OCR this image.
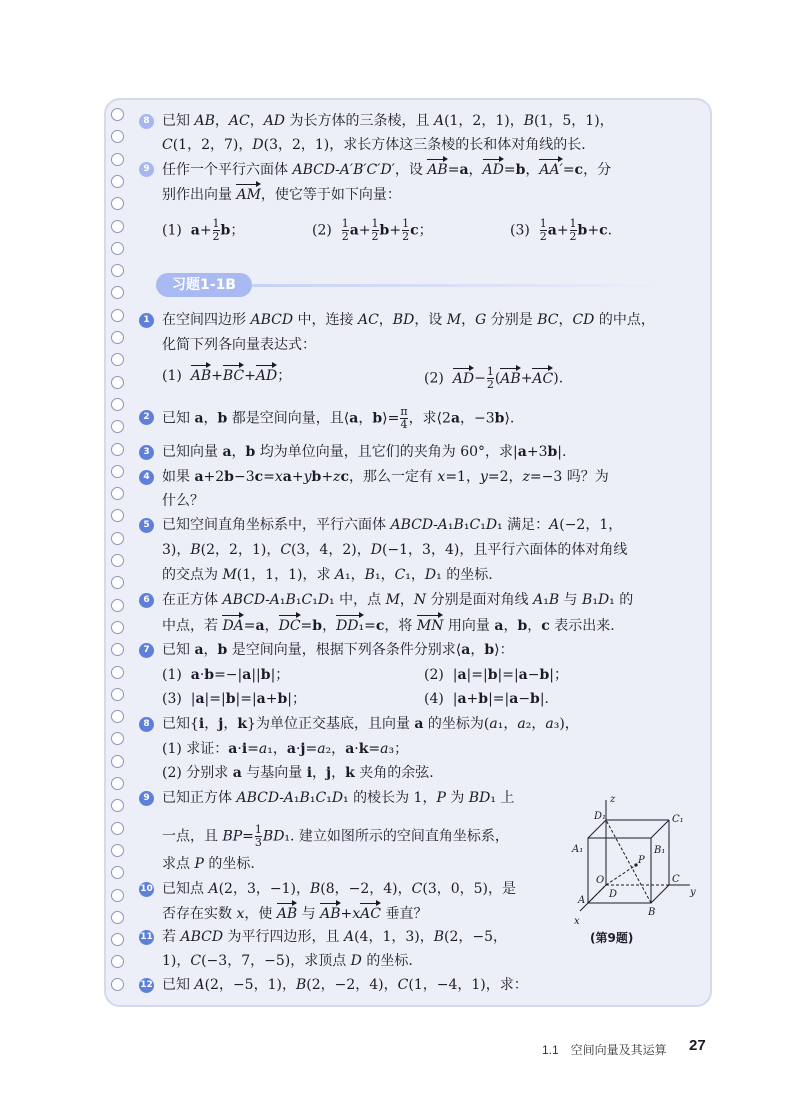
8 已知 AB，AC，AD 为长方体的三条棱，且 A(1，2，1)，B(1，5，1)，
C(1，2，7)，D(3，2，1)，求长方体这三条棱的长和体对角线的长.
9 任作一个平行六面体 ABCD-A′B′C′D′，设 AB=a，AD=b，AA′=c，分
别作出向量 AM，使它等于如下向量：
(1)  $a+ \frac{1}{2}$ b；	$(2) \frac{1}{2} a+ \frac{1}{2} b+ \frac{1}{2}$ c；	$(3) \frac{1}{2} a+ \frac{1}{2} b+c$.
习题1-1B
1 在空间四边形 ABCD 中，连接 AC，BD，设 M，G 分别是 BC，CD 的中点，
化简下列各向量表达式：
(1)  AB+BC+AD；	(2)  $AD- \frac{1}{2} (AB+AC)$.
2 已知 a，b 都是空间向量，且⟨a，b⟩= $\frac{\pi}{4}$ ，求⟨2a，−3b⟩.
3 已知向量 a，b 均为单位向量，且它们的夹角为 60°，求|a+3b|.
4 如果 a+2b−3c=xa+yb+zc，那么一定有 x=1，y=2，z=−3 吗？为
什么？
5 已知空间直角坐标系中，平行六面体 ABCD-A₁B₁C₁D₁ 满足：A(−2，1，
3)，B(2，2，1)，C(3，4，2)，D(−1，3，4)，且平行六面体的体对角线
的交点为 M(1，1，1)，求 A₁，B₁，C₁，D₁ 的坐标.
6 在正方体 ABCD-A₁B₁C₁D₁ 中，点 M，N 分别是面对角线 A₁B 与 B₁D₁ 的
中点，若 DA=a，DC=b，DD₁=c，将 MN 用向量 a，b，c 表示出来.
7 已知 a，b 是空间向量，根据下列各条件分别求⟨a，b⟩：
(1)  a·b=−|a||b|；	(2)  |a|=|b|=|a−b|；
(3)  |a|=|b|=|a+b|；	(4)  |a+b|=|a−b|.
8 已知{i，j，k}为单位正交基底，且向量 a 的坐标为(a₁，a₂，a₃)，
(1) 求证：a·i=a₁，a·j=a₂，a·k=a₃；
(2) 分别求 a 与基向量 i，j，k 夹角的余弦.
9 已知正方体 ABCD-A₁B₁C₁D₁ 的棱长为 1，P 为 BD₁ 上
一点，且 $BP= \frac{1}{3} BD_1$. 建立如图所示的空间直角坐标系，
求点 P 的坐标.
10 已知点 A(2，3，−1)，B(8，−2，4)，C(3，0，5)，是
否存在实数 x，使 AB 与 AB+xAC 垂直？
11 若 ABCD 为平行四边形，且 A(4，1，3)，B(2，−5，
1)，C(−3，7，−5)，求顶点 D 的坐标.
12 已知 A(2，−5，1)，B(2，−2，4)，C(1，−4，1)，求：
z
D₁	C₁
A₁	B₁
P
O
D
C
A
B
x
y
(第9题)
1.1　空间向量及其运算 27
